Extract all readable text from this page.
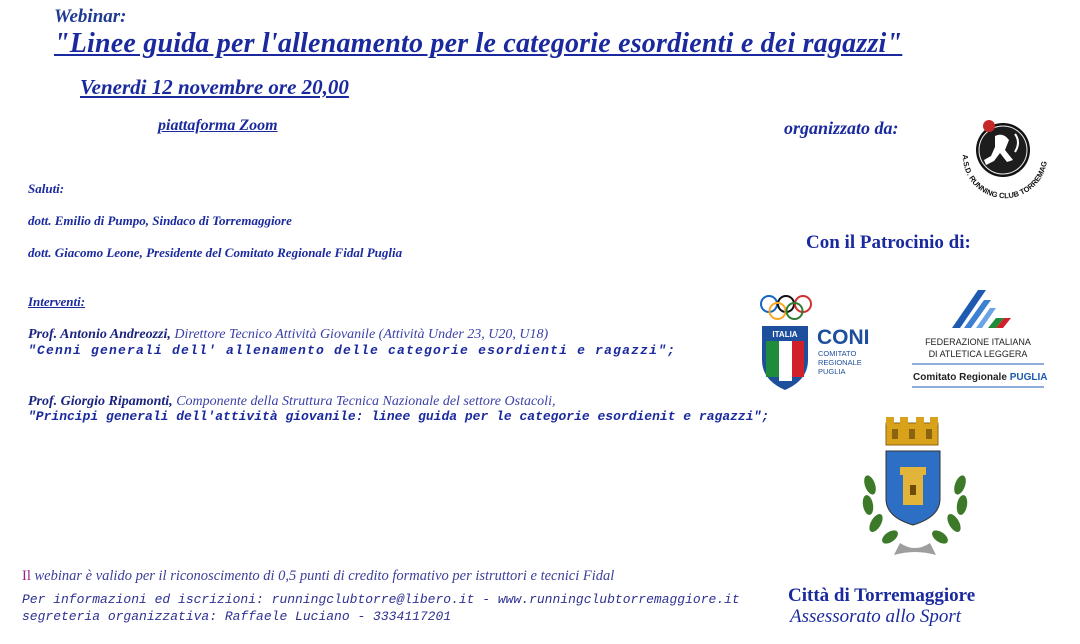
Webinar:
"Linee guida per l'allenamento per le categorie esordienti e dei ragazzi"
Venerdi 12 novembre ore 20,00
piattaforma Zoom
Saluti:
dott. Emilio di Pumpo, Sindaco di Torremaggiore
dott. Giacomo Leone, Presidente del Comitato Regionale Fidal Puglia
Interventi:
Prof. Antonio Andreozzi, Direttore Tecnico Attività Giovanile (Attività Under 23, U20, U18)
"Cenni generali dell' allenamento delle categorie esordienti e ragazzi";
Prof. Giorgio Ripamonti, Componente della Struttura Tecnica Nazionale del settore Ostacoli,
"Principi generali dell'attività giovanile: linee guida per le categorie esordienit e ragazzi";
organizzato da:
A.S.D. RUNNING CLUB TORREMAG
Con il Patrocinio di:
ITALIA CONI
COMITATO
REGIONALE
PUGLIA
FEDERAZIONE ITALIANA
DI ATLETICA LEGGERA
Comitato Regionale PUGLIA
Il webinar è valido per il riconoscimento di 0,5 punti di credito formativo per istruttori e tecnici Fidal
Per informazioni ed iscrizioni: runningclubtorre@libero.it - www.runningclubtorremaggiore.it
segreteria organizzativa: Raffaele Luciano - 3334117201
Città di Torremaggiore
Assessorato allo Sport
